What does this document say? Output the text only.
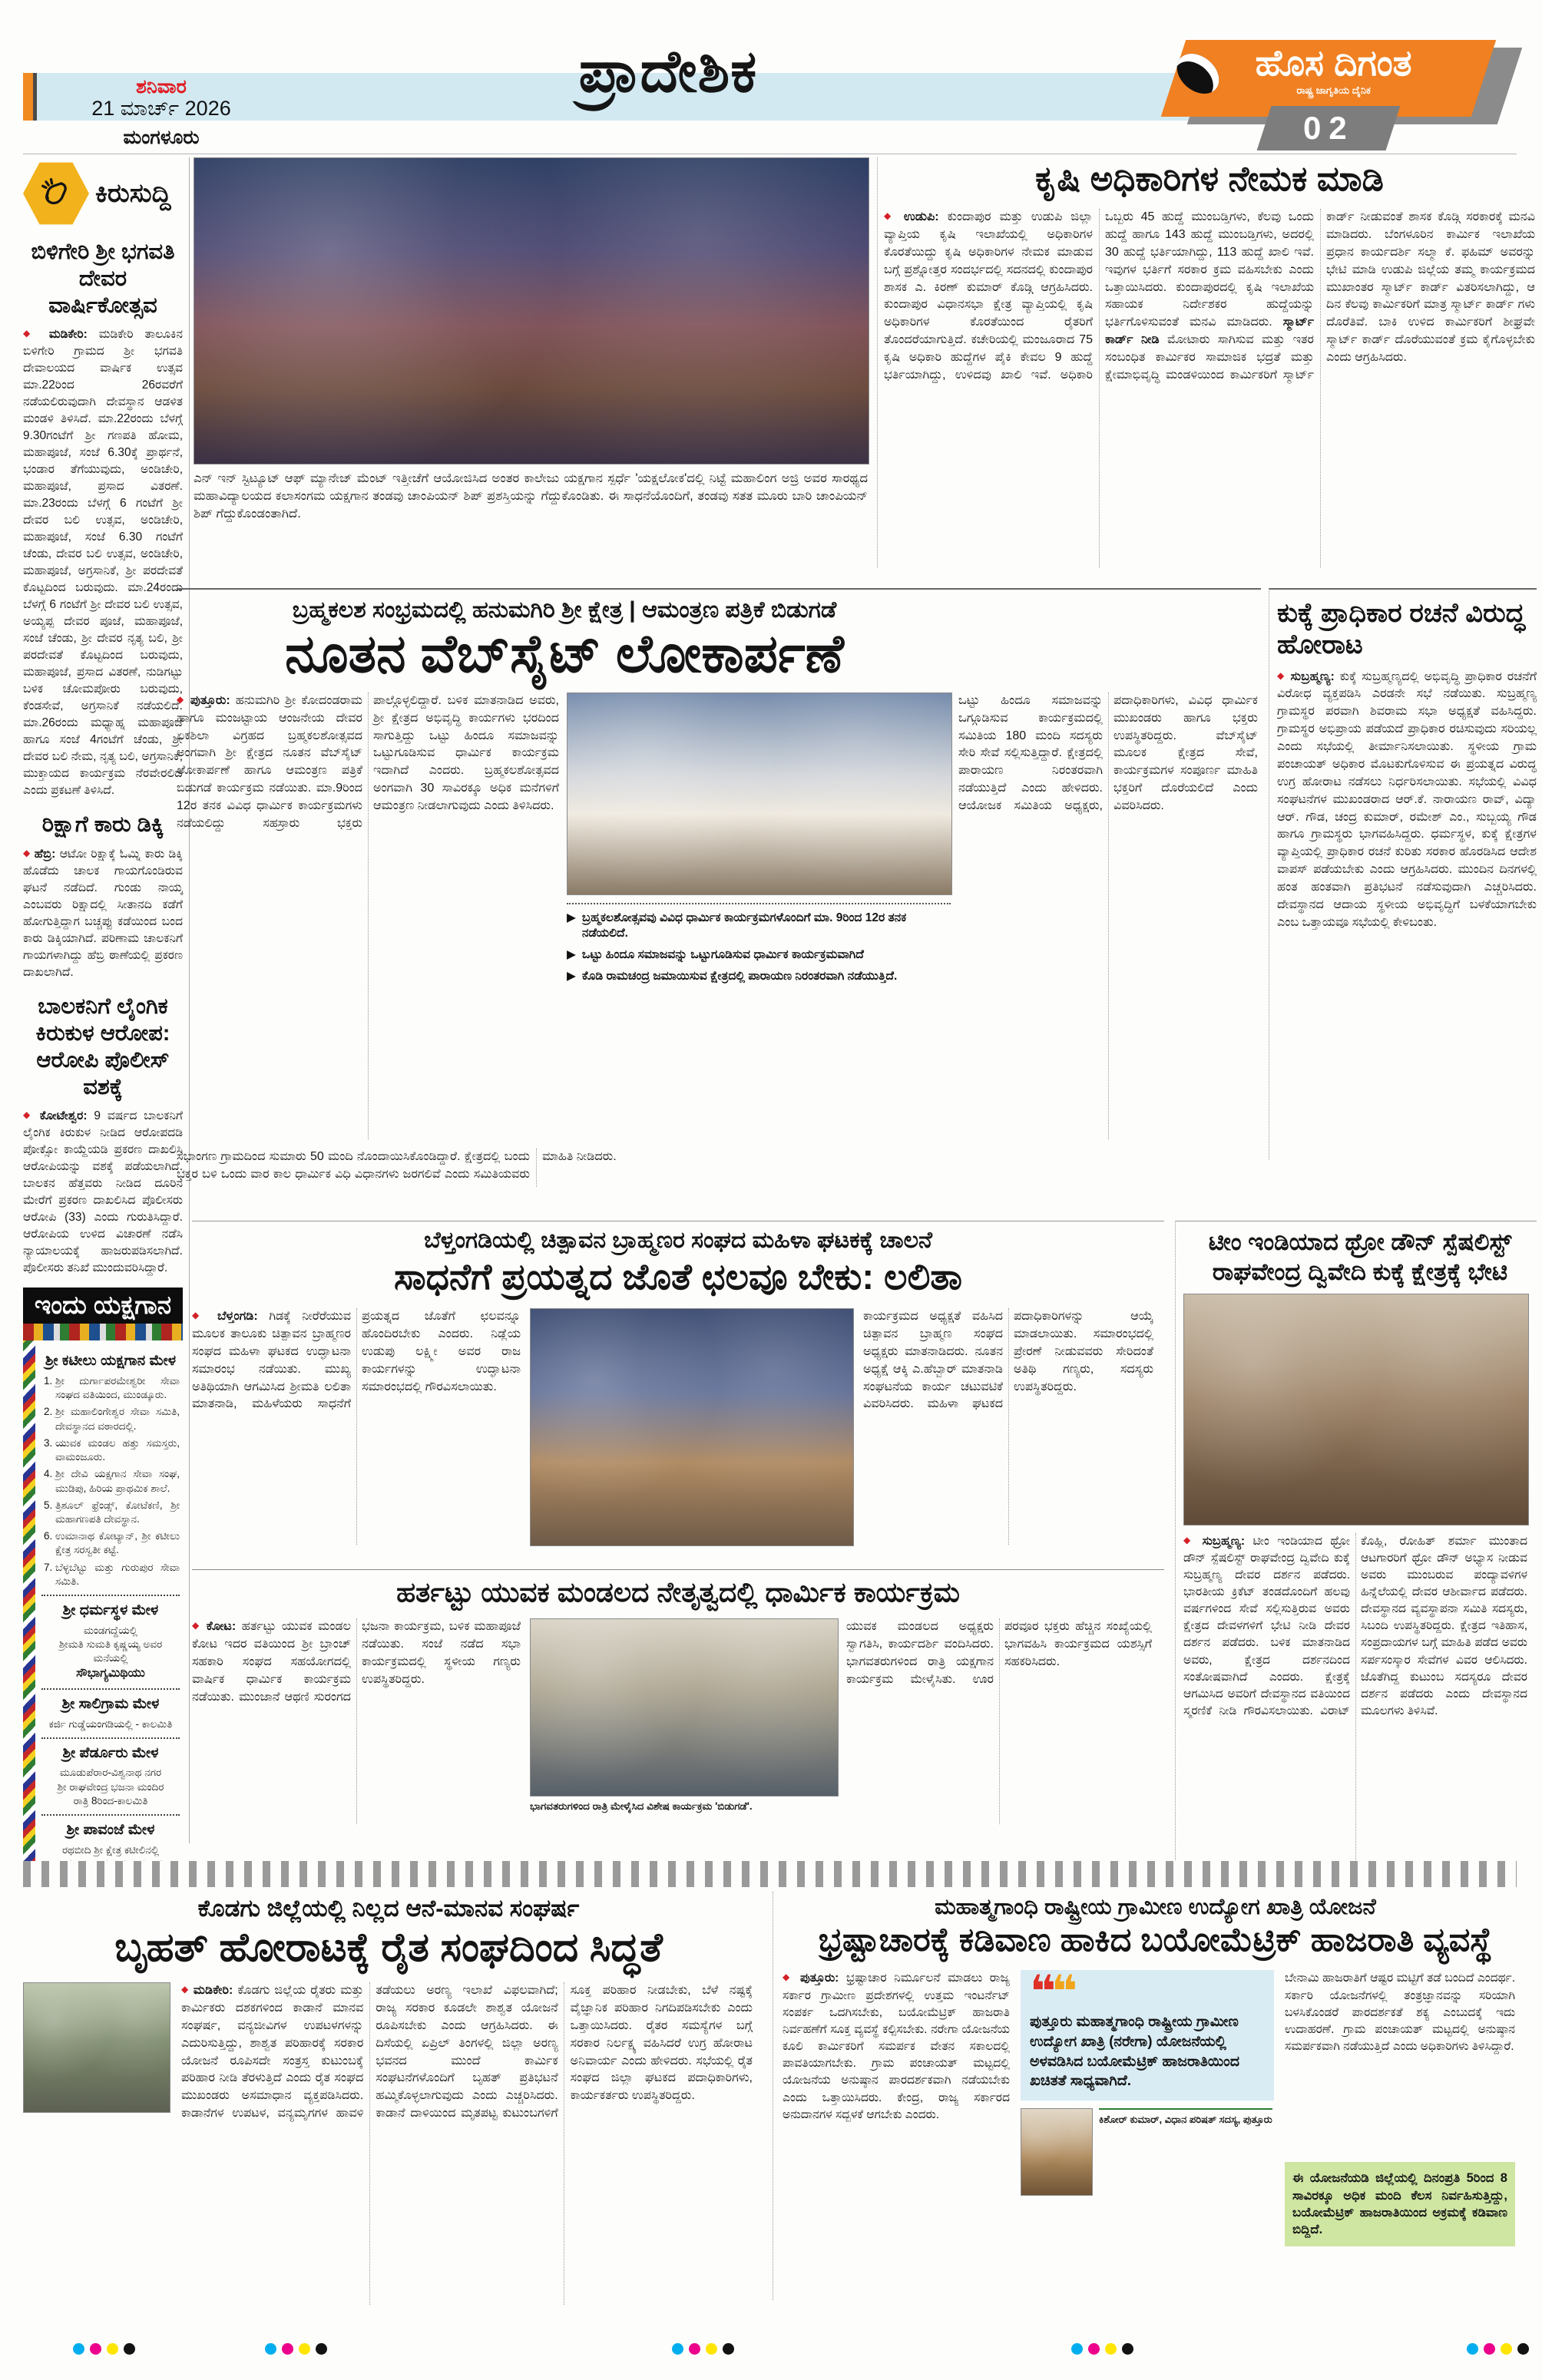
ಶನಿವಾರ
21 ಮಾರ್ಚ್ 2026
ಮಂಗಳೂರು
ಪ್ರಾದೇಶಿಕ	ಹೊಸ ದಿಗಂತ
ರಾಷ್ಟ್ರ ಜಾಗೃತಿಯ ದೈನಿಕ
02
ಕಿರುಸುದ್ದಿ
ಬಿಳಿಗೇರಿ ಶ್ರೀ ಭಗವತಿ ದೇವರ ವಾರ್ಷಿಕೋತ್ಸವ

◆ ಮಡಿಕೇರಿ: ಮಡಿಕೇರಿ ತಾಲೂಕಿನ ಬಿಳಿಗೇರಿ ಗ್ರಾಮದ ಶ್ರೀ ಭಗವತಿ ದೇವಾಲಯದ ವಾರ್ಷಿಕ ಉತ್ಸವ ಮಾ.22ರಿಂದ 26ರವರೆಗೆ ನಡೆಯಲಿರುವುದಾಗಿ ದೇವಸ್ಥಾನ ಆಡಳಿತ ಮಂಡಳಿ ತಿಳಿಸಿದೆ. ಮಾ.22ರಂದು ಬೆಳಗ್ಗೆ 9.30ಗಂಟೆಗೆ ಶ್ರೀ ಗಣಪತಿ ಹೋಮ, ಮಹಾಪೂಜೆ, ಸಂಜೆ 6.30ಕ್ಕೆ ಪ್ರಾರ್ಥನೆ, ಭಂಡಾರ ತೆಗೆಯುವುದು, ಅಂಡಿಚೇರಿ, ಮಹಾಪೂಜೆ, ಪ್ರಸಾದ ವಿತರಣೆ. ಮಾ.23ರಂದು ಬೆಳಗ್ಗೆ 6 ಗಂಟೆಗೆ ಶ್ರೀ ದೇವರ ಬಲಿ ಉತ್ಸವ, ಅಂಡಿಚೇರಿ, ಮಹಾಪೂಜೆ, ಸಂಜೆ 6.30 ಗಂಟೆಗೆ ಚೆಂಡು, ದೇವರ ಬಲಿ ಉತ್ಸವ, ಅಂಡಿಚೇರಿ, ಮಹಾಪೂಜೆ, ಅಗ್ರಸಾನಿಕೆ, ಶ್ರೀ ಪರದೇವತೆ ಕೊಟ್ಟದಿಂದ ಬರುವುದು. ಮಾ.24ರಂದು ಬೆಳಗ್ಗೆ 6 ಗಂಟೆಗೆ ಶ್ರೀ ದೇವರ ಬಲಿ ಉತ್ಸವ, ಅಯ್ಯಪ್ಪ ದೇವರ ಪೂಜೆ, ಮಹಾಪೂಜೆ, ಸಂಜೆ ಚೆಂಡು, ಶ್ರೀ ದೇವರ ನೃತ್ಯ ಬಲಿ, ಶ್ರೀ ಪರದೇವತೆ ಕೊಟ್ಟದಿಂದ ಬರುವುದು, ಮಹಾಪೂಜೆ, ಪ್ರಸಾದ ವಿತರಣೆ, ನುಡಿಗಟ್ಟು ಬಳಿಕ ಚೋಮಪೋರು ಬರುವುದು, ಕೆಂಡಸೇವೆ, ಅಗ್ರಸಾನಿಕೆ ನಡೆಯಲಿದೆ. ಮಾ.26ರಂದು ಮಧ್ಯಾಹ್ನ ಮಹಾಪೂಜೆ ಹಾಗೂ ಸಂಜೆ 4ಗಂಟೆಗೆ ಚೆಂಡು, ಶ್ರೀ ದೇವರ ಬಲಿ ನೇಮ, ನೃತ್ಯ ಬಲಿ, ಅಗ್ರಸಾನಿಕೆ, ಮುಕ್ತಾಯದ ಕಾರ್ಯಕ್ರಮ ನೆರವೇರಲಿದೆ ಎಂದು ಪ್ರಕಟಣೆ ತಿಳಿಸಿದೆ.

ರಿಕ್ಷಾಗೆ ಕಾರು ಡಿಕ್ಕಿ

◆ ಹೆಬ್ರಿ: ಆಟೋ ರಿಕ್ಷಾಕ್ಕೆ ಓಮ್ನಿ ಕಾರು ಡಿಕ್ಕಿ ಹೊಡೆದು ಚಾಲಕ ಗಾಯಗೊಂಡಿರುವ ಘಟನೆ ನಡೆದಿದೆ. ಗುಂಡು ನಾಯ್ಕ ಎಂಬವರು ರಿಕ್ಷಾದಲ್ಲಿ ಸೀತಾನದಿ ಕಡೆಗೆ ಹೋಗುತ್ತಿದ್ದಾಗ ಬಚ್ಚಪ್ಪು ಕಡೆಯಿಂದ ಬಂದ ಕಾರು ಡಿಕ್ಕಿಯಾಗಿದೆ. ಪರಿಣಾಮ ಚಾಲಕನಿಗೆ ಗಾಯಗಳಾಗಿದ್ದು ಹೆಬ್ರಿ ಠಾಣೆಯಲ್ಲಿ ಪ್ರಕರಣ ದಾಖಲಾಗಿದೆ.

ಬಾಲಕನಿಗೆ ಲೈಂಗಿಕ ಕಿರುಕುಳ ಆರೋಪ: ಆರೋಪಿ ಪೊಲೀಸ್ ವಶಕ್ಕೆ

◆ ಕೋಟೇಶ್ವರ: 9 ವರ್ಷದ ಬಾಲಕನಿಗೆ ಲೈಂಗಿಕ ಕಿರುಕುಳ ನೀಡಿದ ಆರೋಪದಡಿ ಪೋಕ್ಸೋ ಕಾಯ್ದೆಯಡಿ ಪ್ರಕರಣ ದಾಖಲಿಸಿ ಆರೋಪಿಯನ್ನು ವಶಕ್ಕೆ ಪಡೆಯಲಾಗಿದೆ. ಬಾಲಕನ ಹೆತ್ತವರು ನೀಡಿದ ದೂರಿನ ಮೇರೆಗೆ ಪ್ರಕರಣ ದಾಖಲಿಸಿದ ಪೊಲೀಸರು ಆರೋಪಿ (33) ಎಂದು ಗುರುತಿಸಿದ್ದಾರೆ. ಆರೋಪಿಯ ಉಳಿದ ವಿಚಾರಣೆ ನಡೆಸಿ ನ್ಯಾಯಾಲಯಕ್ಕೆ ಹಾಜರುಪಡಿಸಲಾಗಿದೆ. ಪೊಲೀಸರು ತನಿಖೆ ಮುಂದುವರಿಸಿದ್ದಾರೆ.

ಇಂದು ಯಕ್ಷಗಾನ
ಶ್ರೀ ಕಟೀಲು ಯಕ್ಷಗಾನ ಮೇಳ
1. ಶ್ರೀ ದುರ್ಗಾಪರಮೇಶ್ವರೀ ಸೇವಾ ಸಂಘದ ವತಿಯಿಂದ, ಮುಂಡ್ಕೂರು.
2. ಶ್ರೀ ಮಹಾಲಿಂಗೇಶ್ವರ ಸೇವಾ ಸಮಿತಿ, ದೇವಸ್ಥಾನದ ವಠಾರದಲ್ಲಿ.
3. ಯುವಕ ಮಂಡಲ ಹತ್ತು ಸಮಸ್ತರು, ವಾಮಂಜೂರು.
4. ಶ್ರೀ ದೇವಿ ಯಕ್ಷಗಾನ ಸೇವಾ ಸಂಘ, ಮುಡಿಪು, ಹಿರಿಯ ಪ್ರಾಥಮಿಕ ಶಾಲೆ.
5. ತ್ರಿಶೂಲ್ ಫ್ರೆಂಡ್ಸ್, ಕೋಟೆಕಣಿ, ಶ್ರೀ ಮಹಾಗಣಪತಿ ದೇವಸ್ಥಾನ.
6. ಉಮಾನಾಥ ಕೋಟ್ಯಾನ್, ಶ್ರೀ ಕಟೀಲು ಕ್ಷೇತ್ರ ಸರಸ್ವತೀ ಕಟ್ಟೆ.
7. ಬೆಳ್ಳಬೆಟ್ಟು ಮತ್ತು ಗುರುಪುರ ಸೇವಾ ಸಮಿತಿ.
ಶ್ರೀ ಧರ್ಮಸ್ಥಳ ಮೇಳ
ಮಂಡಗದ್ದೆಯಲ್ಲಿ
ಶ್ರೀಮತಿ ಸುಮತಿ ಕೃಷ್ಣಯ್ಯ ಅವರ ಮನೆಯಲ್ಲಿ
ಸೌಭಾಗ್ಯಮಿಥಿಯು
ಶ್ರೀ ಸಾಲಿಗ್ರಾಮ ಮೇಳ
ಕರ್ಜಿ ಗುಡ್ಡೆಯಂಗಡಿಯಲ್ಲಿ - ಕಾಲಮಿತಿ
ಶ್ರೀ ಪೆರ್ಡೂರು ಮೇಳ
ಮೂಡುಪೆರಾರ-ವಿಶ್ವನಾಥ ನಗರ
ಶ್ರೀ ರಾಘವೇಂದ್ರ ಭಜನಾ ಮಂದಿರ
ರಾತ್ರಿ 8ರಿಂದ-ಕಾಲಮಿತಿ
ಶ್ರೀ ಪಾವಂಜೆ ಮೇಳ
ರಥಬೀದಿ ಶ್ರೀ ಕ್ಷೇತ್ರ ಕಟೀಲಿನಲ್ಲಿ
ಎನ್ ಇನ್ ಸ್ಟಿಟ್ಯೂಟ್ ಆಫ್ ಮ್ಯಾನೇಜ್ ಮೆಂಟ್ ಇತ್ತೀಚೆಗೆ ಆಯೋಜಿಸಿದ ಅಂತರ ಕಾಲೇಜು ಯಕ್ಷಗಾನ ಸ್ಪರ್ಧೆ 'ಯಕ್ಷಲೋಕ'ದಲ್ಲಿ ನಿಟ್ಟೆ ಮಹಾಲಿಂಗ ಅಜ್ರಿ ಅವರ ಸಾರಥ್ಯದ ಮಹಾವಿದ್ಯಾಲಯದ ಕಲಾಸಂಗಮ ಯಕ್ಷಗಾನ ತಂಡವು ಚಾಂಪಿಯನ್ ಶಿಪ್ ಪ್ರಶಸ್ತಿಯನ್ನು ಗೆದ್ದುಕೊಂಡಿತು. ಈ ಸಾಧನೆಯೊಂದಿಗೆ, ತಂಡವು ಸತತ ಮೂರು ಬಾರಿ ಚಾಂಪಿಯನ್ ಶಿಪ್ ಗೆದ್ದುಕೊಂಡಂತಾಗಿದೆ.
ಕೃಷಿ ಅಧಿಕಾರಿಗಳ ನೇಮಕ ಮಾಡಿ
◆ ಉಡುಪಿ: ಕುಂದಾಪುರ ಮತ್ತು ಉಡುಪಿ ಜಿಲ್ಲಾ ವ್ಯಾಪ್ತಿಯ ಕೃಷಿ ಇಲಾಖೆಯಲ್ಲಿ ಅಧಿಕಾರಿಗಳ ಕೊರತೆಯಿದ್ದು ಕೃಷಿ ಅಧಿಕಾರಿಗಳ ನೇಮಕ ಮಾಡುವ ಬಗ್ಗೆ ಪ್ರಶ್ನೋತ್ತರ ಸಂದರ್ಭದಲ್ಲಿ ಸದನದಲ್ಲಿ ಕುಂದಾಪುರ ಶಾಸಕ ಎ. ಕಿರಣ್ ಕುಮಾರ್ ಕೊಡ್ಗಿ ಆಗ್ರಹಿಸಿದರು. ಕುಂದಾಪುರ ವಿಧಾನಸಭಾ ಕ್ಷೇತ್ರ ವ್ಯಾಪ್ತಿಯಲ್ಲಿ ಕೃಷಿ ಅಧಿಕಾರಿಗಳ ಕೊರತೆಯಿಂದ ರೈತರಿಗೆ ತೊಂದರೆಯಾಗುತ್ತಿದೆ. ಕಚೇರಿಯಲ್ಲಿ ಮಂಜೂರಾದ 75 ಕೃಷಿ ಅಧಿಕಾರಿ ಹುದ್ದೆಗಳ ಪೈಕಿ ಕೇವಲ 9 ಹುದ್ದೆ ಭರ್ತಿಯಾಗಿದ್ದು, ಉಳಿದವು ಖಾಲಿ ಇವೆ. ಅಧಿಕಾರಿ ಒಬ್ಬರು 45 ಹುದ್ದೆ ಮುಂಬಡ್ತಿಗಳು, ಕೆಲವು ಒಂದು ಹುದ್ದೆ ಹಾಗೂ 143 ಹುದ್ದೆ ಮುಂಬಡ್ತಿಗಳು, ಅದರಲ್ಲಿ 30 ಹುದ್ದೆ ಭರ್ತಿಯಾಗಿದ್ದು, 113 ಹುದ್ದೆ ಖಾಲಿ ಇವೆ. ಇವುಗಳ ಭರ್ತಿಗೆ ಸರಕಾರ ಕ್ರಮ ವಹಿಸಬೇಕು ಎಂದು ಒತ್ತಾಯಿಸಿದರು. ಕುಂದಾಪುರದಲ್ಲಿ ಕೃಷಿ ಇಲಾಖೆಯ ಸಹಾಯಕ ನಿರ್ದೇಶಕರ ಹುದ್ದೆಯನ್ನು ಭರ್ತಿಗೊಳಿಸುವಂತೆ ಮನವಿ ಮಾಡಿದರು. ಸ್ಮಾರ್ಟ್ ಕಾರ್ಡ್ ನೀಡಿ ಮೋಟಾರು ಸಾಗಿಸುವ ಮತ್ತು ಇತರ ಸಂಬಂಧಿತ ಕಾರ್ಮಿಕರ ಸಾಮಾಜಿಕ ಭದ್ರತೆ ಮತ್ತು ಕ್ಷೇಮಾಭಿವೃದ್ಧಿ ಮಂಡಳಿಯಿಂದ ಕಾರ್ಮಿಕರಿಗೆ ಸ್ಮಾರ್ಟ್ ಕಾರ್ಡ್ ನೀಡುವಂತೆ ಶಾಸಕ ಕೊಡ್ಗಿ ಸರಕಾರಕ್ಕೆ ಮನವಿ ಮಾಡಿದರು. ಬೆಂಗಳೂರಿನ ಕಾರ್ಮಿಕ ಇಲಾಖೆಯ ಪ್ರಧಾನ ಕಾರ್ಯದರ್ಶಿ ಸಲ್ಮಾ ಕೆ. ಫಹಿಮ್ ಅವರನ್ನು ಭೇಟಿ ಮಾಡಿ ಉಡುಪಿ ಜಿಲ್ಲೆಯ ತಮ್ಮ ಕಾರ್ಯಕ್ರಮದ ಮುಖಾಂತರ ಸ್ಮಾರ್ಟ್ ಕಾರ್ಡ್ ವಿತರಿಸಲಾಗಿದ್ದು, ಆ ದಿನ ಕೆಲವು ಕಾರ್ಮಿಕರಿಗೆ ಮಾತ್ರ ಸ್ಮಾರ್ಟ್ ಕಾರ್ಡ್ ಗಳು ದೊರೆತಿವೆ. ಬಾಕಿ ಉಳಿದ ಕಾರ್ಮಿಕರಿಗೆ ಶೀಘ್ರವೇ ಸ್ಮಾರ್ಟ್ ಕಾರ್ಡ್ ದೊರೆಯುವಂತೆ ಕ್ರಮ ಕೈಗೊಳ್ಳಬೇಕು ಎಂದು ಆಗ್ರಹಿಸಿದರು.
ಬ್ರಹ್ಮಕಲಶ ಸಂಭ್ರಮದಲ್ಲಿ ಹನುಮಗಿರಿ ಶ್ರೀ ಕ್ಷೇತ್ರ | ಆಮಂತ್ರಣ ಪತ್ರಿಕೆ ಬಿಡುಗಡೆ
ನೂತನ ವೆಬ್‌ಸೈಟ್ ಲೋಕಾರ್ಪಣೆ
◆ ಪುತ್ತೂರು: ಹನುಮಗಿರಿ ಶ್ರೀ ಕೋದಂಡರಾಮ ಹಾಗೂ ಮಂಜಟ್ಟಾಯ ಆಂಜನೇಯ ದೇವರ ಏಕಶಿಲಾ ವಿಗ್ರಹದ ಬ್ರಹ್ಮಕಲಶೋತ್ಸವದ ಅಂಗವಾಗಿ ಶ್ರೀ ಕ್ಷೇತ್ರದ ನೂತನ ವೆಬ್‌ಸೈಟ್ ಲೋಕಾರ್ಪಣೆ ಹಾಗೂ ಆಮಂತ್ರಣ ಪತ್ರಿಕೆ ಬಿಡುಗಡೆ ಕಾರ್ಯಕ್ರಮ ನಡೆಯಿತು. ಮಾ.9ರಿಂದ 12ರ ತನಕ ವಿವಿಧ ಧಾರ್ಮಿಕ ಕಾರ್ಯಕ್ರಮಗಳು ನಡೆಯಲಿದ್ದು ಸಹಸ್ರಾರು ಭಕ್ತರು ಪಾಲ್ಗೊಳ್ಳಲಿದ್ದಾರೆ. ಬಳಿಕ ಮಾತನಾಡಿದ ಅವರು, ಶ್ರೀ ಕ್ಷೇತ್ರದ ಅಭಿವೃದ್ಧಿ ಕಾರ್ಯಗಳು ಭರದಿಂದ ಸಾಗುತ್ತಿದ್ದು ಒಟ್ಟು ಹಿಂದೂ ಸಮಾಜವನ್ನು ಒಟ್ಟುಗೂಡಿಸುವ ಧಾರ್ಮಿಕ ಕಾರ್ಯಕ್ರಮ ಇದಾಗಿದೆ ಎಂದರು. ಬ್ರಹ್ಮಕಲಶೋತ್ಸವದ ಅಂಗವಾಗಿ 30 ಸಾವಿರಕ್ಕೂ ಅಧಿಕ ಮನೆಗಳಿಗೆ ಆಮಂತ್ರಣ ನೀಡಲಾಗುವುದು ಎಂದು ತಿಳಿಸಿದರು.
▶ ಬ್ರಹ್ಮಕಲಶೋತ್ಸವವು ವಿವಿಧ ಧಾರ್ಮಿಕ ಕಾರ್ಯಕ್ರಮಗಳೊಂದಿಗೆ ಮಾ. 9ರಿಂದ 12ರ ತನಕ ನಡೆಯಲಿದೆ.
▶ ಒಟ್ಟು ಹಿಂದೂ ಸಮಾಜವನ್ನು ಒಟ್ಟುಗೂಡಿಸುವ ಧಾರ್ಮಿಕ ಕಾರ್ಯಕ್ರಮವಾಗಿದೆ
▶ ಕೊಡಿ ರಾಮಚಂದ್ರ ಜಮಾಯಿಸುವ ಕ್ಷೇತ್ರದಲ್ಲಿ ಪಾರಾಯಣ ನಿರಂತರವಾಗಿ ನಡೆಯುತ್ತಿದೆ.
ಒಟ್ಟು ಹಿಂದೂ ಸಮಾಜವನ್ನು ಒಗ್ಗೂಡಿಸುವ ಕಾರ್ಯಕ್ರಮದಲ್ಲಿ ಸಮಿತಿಯ 180 ಮಂದಿ ಸದಸ್ಯರು ಸೇರಿ ಸೇವೆ ಸಲ್ಲಿಸುತ್ತಿದ್ದಾರೆ. ಕ್ಷೇತ್ರದಲ್ಲಿ ಪಾರಾಯಣ ನಿರಂತರವಾಗಿ ನಡೆಯುತ್ತಿದೆ ಎಂದು ಹೇಳಿದರು. ಆಯೋಜಕ ಸಮಿತಿಯ ಅಧ್ಯಕ್ಷರು, ಪದಾಧಿಕಾರಿಗಳು, ವಿವಿಧ ಧಾರ್ಮಿಕ ಮುಖಂಡರು ಹಾಗೂ ಭಕ್ತರು ಉಪಸ್ಥಿತರಿದ್ದರು. ವೆಬ್‌ಸೈಟ್ ಮೂಲಕ ಕ್ಷೇತ್ರದ ಸೇವೆ, ಕಾರ್ಯಕ್ರಮಗಳ ಸಂಪೂರ್ಣ ಮಾಹಿತಿ ಭಕ್ತರಿಗೆ ದೊರೆಯಲಿದೆ ಎಂದು ವಿವರಿಸಿದರು.
ಸಭಾಂಗಣ ಗ್ರಾಮದಿಂದ ಸುಮಾರು 50 ಮಂದಿ ನೊಂದಾಯಿಸಿಕೊಂಡಿದ್ದಾರೆ. ಕ್ಷೇತ್ರದಲ್ಲಿ ಬಂದು ಭಕ್ತರ ಬಳಿ ಒಂದು ವಾರ ಕಾಲ ಧಾರ್ಮಿಕ ವಿಧಿ ವಿಧಾನಗಳು ಜರಗಲಿವೆ ಎಂದು ಸಮಿತಿಯವರು ಮಾಹಿತಿ ನೀಡಿದರು.
ಕುಕ್ಕೆ ಪ್ರಾಧಿಕಾರ ರಚನೆ ವಿರುದ್ಧ ಹೋರಾಟ
◆ ಸುಬ್ರಹ್ಮಣ್ಯ: ಕುಕ್ಕೆ ಸುಬ್ರಹ್ಮಣ್ಯದಲ್ಲಿ ಅಭಿವೃದ್ಧಿ ಪ್ರಾಧಿಕಾರ ರಚನೆಗೆ ವಿರೋಧ ವ್ಯಕ್ತಪಡಿಸಿ ಎರಡನೇ ಸಭೆ ನಡೆಯಿತು. ಸುಬ್ರಹ್ಮಣ್ಯ ಗ್ರಾಮಸ್ಥರ ಪರವಾಗಿ ಶಿವರಾಮ ಸಭಾ ಅಧ್ಯಕ್ಷತೆ ವಹಿಸಿದ್ದರು. ಗ್ರಾಮಸ್ಥರ ಅಭಿಪ್ರಾಯ ಪಡೆಯದೆ ಪ್ರಾಧಿಕಾರ ರಚಿಸುವುದು ಸರಿಯಲ್ಲ ಎಂದು ಸಭೆಯಲ್ಲಿ ತೀರ್ಮಾನಿಸಲಾಯಿತು. ಸ್ಥಳೀಯ ಗ್ರಾಮ ಪಂಚಾಯತ್ ಅಧಿಕಾರ ಮೊಟಕುಗೊಳಿಸುವ ಈ ಪ್ರಯತ್ನದ ವಿರುದ್ಧ ಉಗ್ರ ಹೋರಾಟ ನಡೆಸಲು ನಿರ್ಧರಿಸಲಾಯಿತು. ಸಭೆಯಲ್ಲಿ ವಿವಿಧ ಸಂಘಟನೆಗಳ ಮುಖಂಡರಾದ ಆರ್.ಕೆ. ನಾರಾಯಣ ರಾವ್, ವಿದ್ಯಾ ಆರ್. ಗೌಡ, ಚಂದ್ರ ಕುಮಾರ್, ರಮೇಶ್ ಎಂ., ಸುಬ್ಬಯ್ಯ ಗೌಡ ಹಾಗೂ ಗ್ರಾಮಸ್ಥರು ಭಾಗವಹಿಸಿದ್ದರು. ಧರ್ಮಸ್ಥಳ, ಕುಕ್ಕೆ ಕ್ಷೇತ್ರಗಳ ವ್ಯಾಪ್ತಿಯಲ್ಲಿ ಪ್ರಾಧಿಕಾರ ರಚನೆ ಕುರಿತು ಸರಕಾರ ಹೊರಡಿಸಿದ ಆದೇಶ ವಾಪಸ್ ಪಡೆಯಬೇಕು ಎಂದು ಆಗ್ರಹಿಸಿದರು. ಮುಂದಿನ ದಿನಗಳಲ್ಲಿ ಹಂತ ಹಂತವಾಗಿ ಪ್ರತಿಭಟನೆ ನಡೆಸುವುದಾಗಿ ಎಚ್ಚರಿಸಿದರು. ದೇವಸ್ಥಾನದ ಆದಾಯ ಸ್ಥಳೀಯ ಅಭಿವೃದ್ಧಿಗೆ ಬಳಕೆಯಾಗಬೇಕು ಎಂಬ ಒತ್ತಾಯವೂ ಸಭೆಯಲ್ಲಿ ಕೇಳಿಬಂತು.
ಬೆಳ್ತಂಗಡಿಯಲ್ಲಿ ಚಿತ್ಪಾವನ ಬ್ರಾಹ್ಮಣರ ಸಂಘದ ಮಹಿಳಾ ಘಟಕಕ್ಕೆ ಚಾಲನೆ
ಸಾಧನೆಗೆ ಪ್ರಯತ್ನದ ಜೊತೆ ಛಲವೂ ಬೇಕು: ಲಲಿತಾ
◆ ಬೆಳ್ತಂಗಡಿ: ಗಿಡಕ್ಕೆ ನೀರೆರೆಯುವ ಮೂಲಕ ತಾಲೂಕು ಚಿತ್ಪಾವನ ಬ್ರಾಹ್ಮಣರ ಸಂಘದ ಮಹಿಳಾ ಘಟಕದ ಉದ್ಘಾಟನಾ ಸಮಾರಂಭ ನಡೆಯಿತು. ಮುಖ್ಯ ಅತಿಥಿಯಾಗಿ ಆಗಮಿಸಿದ ಶ್ರೀಮತಿ ಲಲಿತಾ ಮಾತನಾಡಿ, ಮಹಿಳೆಯರು ಸಾಧನೆಗೆ ಪ್ರಯತ್ನದ ಜೊತೆಗೆ ಛಲವನ್ನೂ ಹೊಂದಿರಬೇಕು ಎಂದರು. ನಿಡ್ಲೆಯ ಉಡುಪು ಲಕ್ಷ್ಮೀ ಅವರ ರಾಜ ಕಾರ್ಯಗಳನ್ನು ಉದ್ಘಾಟನಾ ಸಮಾರಂಭದಲ್ಲಿ ಗೌರವಿಸಲಾಯಿತು.
ಕಾರ್ಯಕ್ರಮದ ಅಧ್ಯಕ್ಷತೆ ವಹಿಸಿದ ಚಿತ್ಪಾವನ ಬ್ರಾಹ್ಮಣ ಸಂಘದ ಅಧ್ಯಕ್ಷರು ಮಾತನಾಡಿದರು. ನೂತನ ಅಧ್ಯಕ್ಷೆ ಆಕ್ಕಿ ಎ.ಹೆಬ್ಬಾರ್ ಮಾತನಾಡಿ ಸಂಘಟನೆಯ ಕಾರ್ಯ ಚಟುವಟಿಕೆ ವಿವರಿಸಿದರು. ಮಹಿಳಾ ಘಟಕದ ಪದಾಧಿಕಾರಿಗಳನ್ನು ಆಯ್ಕೆ ಮಾಡಲಾಯಿತು. ಸಮಾರಂಭದಲ್ಲಿ ಪ್ರೇರಣೆ ನೀಡುವವರು ಸೇರಿದಂತೆ ಅತಿಥಿ ಗಣ್ಯರು, ಸದಸ್ಯರು ಉಪಸ್ಥಿತರಿದ್ದರು.
ಟೀಂ ಇಂಡಿಯಾದ ಥ್ರೋ ಡೌನ್ ಸ್ಪೆಷಲಿಸ್ಟ್ ರಾಘವೇಂದ್ರ ದ್ವಿವೇದಿ ಕುಕ್ಕೆ ಕ್ಷೇತ್ರಕ್ಕೆ ಭೇಟಿ
◆ ಸುಬ್ರಹ್ಮಣ್ಯ: ಟೀಂ ಇಂಡಿಯಾದ ಥ್ರೋ ಡೌನ್ ಸ್ಪೆಷಲಿಸ್ಟ್ ರಾಘವೇಂದ್ರ ದ್ವಿವೇದಿ ಕುಕ್ಕೆ ಸುಬ್ರಹ್ಮಣ್ಯ ದೇವರ ದರ್ಶನ ಪಡೆದರು. ಭಾರತೀಯ ಕ್ರಿಕೆಟ್ ತಂಡದೊಂದಿಗೆ ಹಲವು ವರ್ಷಗಳಿಂದ ಸೇವೆ ಸಲ್ಲಿಸುತ್ತಿರುವ ಅವರು ಕ್ಷೇತ್ರದ ದೇವಳಗಳಿಗೆ ಭೇಟಿ ನೀಡಿ ದೇವರ ದರ್ಶನ ಪಡೆದರು. ಬಳಿಕ ಮಾತನಾಡಿದ ಅವರು, ಕ್ಷೇತ್ರದ ದರ್ಶನದಿಂದ ಸಂತೋಷವಾಗಿದೆ ಎಂದರು. ಕ್ಷೇತ್ರಕ್ಕೆ ಆಗಮಿಸಿದ ಅವರಿಗೆ ದೇವಸ್ಥಾನದ ವತಿಯಿಂದ ಸ್ಮರಣಿಕೆ ನೀಡಿ ಗೌರವಿಸಲಾಯಿತು. ವಿರಾಟ್ ಕೊಹ್ಲಿ, ರೋಹಿತ್ ಶರ್ಮಾ ಮುಂತಾದ ಆಟಗಾರರಿಗೆ ಥ್ರೋ ಡೌನ್ ಅಭ್ಯಾಸ ನೀಡುವ ಅವರು ಮುಂಬರುವ ಪಂದ್ಯಾವಳಿಗಳ ಹಿನ್ನೆಲೆಯಲ್ಲಿ ದೇವರ ಆಶೀರ್ವಾದ ಪಡೆದರು. ದೇವಸ್ಥಾನದ ವ್ಯವಸ್ಥಾಪನಾ ಸಮಿತಿ ಸದಸ್ಯರು, ಸಿಬಂದಿ ಉಪಸ್ಥಿತರಿದ್ದರು. ಕ್ಷೇತ್ರದ ಇತಿಹಾಸ, ಸಂಪ್ರದಾಯಗಳ ಬಗ್ಗೆ ಮಾಹಿತಿ ಪಡೆದ ಅವರು ಸರ್ಪಸಂಸ್ಕಾರ ಸೇವೆಗಳ ವಿವರ ಆಲಿಸಿದರು. ಜೊತೆಗಿದ್ದ ಕುಟುಂಬ ಸದಸ್ಯರೂ ದೇವರ ದರ್ಶನ ಪಡೆದರು ಎಂದು ದೇವಸ್ಥಾನದ ಮೂಲಗಳು ತಿಳಿಸಿವೆ.
ಹರ್ತಟ್ಟು ಯುವಕ ಮಂಡಲದ ನೇತೃತ್ವದಲ್ಲಿ ಧಾರ್ಮಿಕ ಕಾರ್ಯಕ್ರಮ
◆ ಕೋಟ: ಹರ್ತಟ್ಟು ಯುವಕ ಮಂಡಲ ಕೋಟ ಇದರ ವತಿಯಿಂದ ಶ್ರೀ ಬ್ರಾಂಚ್ ಸಹಕಾರಿ ಸಂಘದ ಸಹಯೋಗದಲ್ಲಿ ವಾರ್ಷಿಕ ಧಾರ್ಮಿಕ ಕಾರ್ಯಕ್ರಮ ನಡೆಯಿತು. ಮುಂಜಾನೆ ಆಥಣಿ ಸುರಂಗದ ಭಜನಾ ಕಾರ್ಯಕ್ರಮ, ಬಳಿಕ ಮಹಾಪೂಜೆ ನಡೆಯಿತು. ಸಂಜೆ ನಡೆದ ಸಭಾ ಕಾರ್ಯಕ್ರಮದಲ್ಲಿ ಸ್ಥಳೀಯ ಗಣ್ಯರು ಉಪಸ್ಥಿತರಿದ್ದರು.
ಭಾಗವತರುಗಳಿಂದ ರಾತ್ರಿ ಮೇಳೈಸಿದ ವಿಶೇಷ ಕಾರ್ಯಕ್ರಮ 'ಬಿಡುಗಡೆ'.
ಯುವಕ ಮಂಡಲದ ಅಧ್ಯಕ್ಷರು ಸ್ವಾಗತಿಸಿ, ಕಾರ್ಯದರ್ಶಿ ವಂದಿಸಿದರು. ಭಾಗವತರುಗಳಿಂದ ರಾತ್ರಿ ಯಕ್ಷಗಾನ ಕಾರ್ಯಕ್ರಮ ಮೇಳೈಸಿತು. ಊರ ಪರವೂರ ಭಕ್ತರು ಹೆಚ್ಚಿನ ಸಂಖ್ಯೆಯಲ್ಲಿ ಭಾಗವಹಿಸಿ ಕಾರ್ಯಕ್ರಮದ ಯಶಸ್ಸಿಗೆ ಸಹಕರಿಸಿದರು.
ಕೊಡಗು ಜಿಲ್ಲೆಯಲ್ಲಿ ನಿಲ್ಲದ ಆನೆ-ಮಾನವ ಸಂಘರ್ಷ
ಬೃಹತ್ ಹೋರಾಟಕ್ಕೆ ರೈತ ಸಂಘದಿಂದ ಸಿದ್ಧತೆ
◆ ಮಡಿಕೇರಿ: ಕೊಡಗು ಜಿಲ್ಲೆಯ ರೈತರು ಮತ್ತು ಕಾರ್ಮಿಕರು ದಶಕಗಳಿಂದ ಕಾಡಾನೆ ಮ‍ಾನವ ಸಂಘರ್ಷ, ವನ್ಯಜೀವಿಗಳ ಉಪಟಳಗಳನ್ನು ಎದುರಿಸುತ್ತಿದ್ದು, ಶಾಶ್ವತ ಪರಿಹಾರಕ್ಕೆ ಸರಕಾರ ಯೋಜನೆ ರೂಪಿಸದೇ ಸಂತ್ರಸ್ತ ಕುಟುಂಬಕ್ಕೆ ಪರಿಹಾರ ನೀಡಿ ತೆರಳುತ್ತಿದೆ ಎಂದು ರೈತ ಸಂಘದ ಮುಖಂಡರು ಅಸಮಾಧಾನ ವ್ಯಕ್ತಪಡಿಸಿದರು. ಕಾಡಾನೆಗಳ ಉಪಟಳ, ವನ್ಯಮೃಗಗಳ ಹಾವಳಿ ತಡೆಯಲು ಅರಣ್ಯ ಇಲಾಖೆ ವಿಫಲವಾಗಿದೆ; ರಾಜ್ಯ ಸರಕಾರ ಕೂಡಲೇ ಶಾಶ್ವತ ಯೋಜನೆ ರೂಪಿಸಬೇಕು ಎಂದು ಆಗ್ರಹಿಸಿದರು. ಈ ದಿಸೆಯಲ್ಲಿ ಏಪ್ರಿಲ್ ತಿಂಗಳಲ್ಲಿ ಜಿಲ್ಲಾ ಅರಣ್ಯ ಭವನದ ಮುಂದೆ ಕಾರ್ಮಿಕ ಸಂಘಟನೆಗಳೊಂದಿಗೆ ಬೃಹತ್ ಪ್ರತಿಭಟನೆ ಹಮ್ಮಿಕೊಳ್ಳಲಾಗುವುದು ಎಂದು ಎಚ್ಚರಿಸಿದರು. ಕಾಡಾನೆ ದಾಳಿಯಿಂದ ಮೃತಪಟ್ಟ ಕುಟುಂಬಗಳಿಗೆ ಸೂಕ್ತ ಪರಿಹಾರ ನೀಡಬೇಕು, ಬೆಳೆ ನಷ್ಟಕ್ಕೆ ವೈಜ್ಞಾನಿಕ ಪರಿಹಾರ ನಿಗದಿಪಡಿಸಬೇಕು ಎಂದು ಒತ್ತಾಯಿಸಿದರು. ರೈತರ ಸಮಸ್ಯೆಗಳ ಬಗ್ಗೆ ಸರಕಾರ ನಿರ್ಲಕ್ಷ್ಯ ವಹಿಸಿದರೆ ಉಗ್ರ ಹೋರಾಟ ಅನಿವಾರ್ಯ ಎಂದು ಹೇಳಿದರು. ಸಭೆಯಲ್ಲಿ ರೈತ ಸಂಘದ ಜಿಲ್ಲಾ ಘಟಕದ ಪದಾಧಿಕಾರಿಗಳು, ಕಾರ್ಯಕರ್ತರು ಉಪಸ್ಥಿತರಿದ್ದರು.
ಮಹಾತ್ಮಗಾಂಧಿ ರಾಷ್ಟ್ರೀಯ ಗ್ರಾಮೀಣ ಉದ್ಯೋಗ ಖಾತ್ರಿ ಯೋಜನೆ
ಭ್ರಷ್ಟಾಚಾರಕ್ಕೆ ಕಡಿವಾಣ ಹಾಕಿದ ಬಯೋಮೆಟ್ರಿಕ್ ಹಾಜರಾತಿ ವ್ಯವಸ್ಥೆ
◆ ಪುತ್ತೂರು: ಭ್ರಷ್ಟಾಚಾರ ನಿರ್ಮೂಲನೆ ಮಾಡಲು ರಾಜ್ಯ ಸರ್ಕಾರ ಗ್ರಾಮೀಣ ಪ್ರದೇಶಗಳಲ್ಲಿ ಉತ್ತಮ ಇಂಟರ್ನೆಟ್ ಸಂಪರ್ಕ ಒದಗಿಸಬೇಕು, ಬಯೋಮೆಟ್ರಿಕ್ ಹಾಜರಾತಿ ನಿರ್ವಹಣೆಗೆ ಸೂಕ್ತ ವ್ಯವಸ್ಥೆ ಕಲ್ಪಿಸಬೇಕು. ನರೇಗಾ ಯೋಜನೆಯ ಕೂಲಿ ಕಾರ್ಮಿಕರಿಗೆ ಸಮರ್ಪಕ ವೇತನ ಸಕಾಲದಲ್ಲಿ ಪಾವತಿಯಾಗಬೇಕು. ಗ್ರಾಮ ಪಂಚಾಯತ್ ಮಟ್ಟದಲ್ಲಿ ಯೋಜನೆಯ ಅನುಷ್ಠಾನ ಪಾರದರ್ಶಕವಾಗಿ ನಡೆಯಬೇಕು ಎಂದು ಒತ್ತಾಯಿಸಿದರು. ಕೇಂದ್ರ, ರಾಜ್ಯ ಸರ್ಕಾರದ ಅನುದಾನಗಳ ಸದ್ಬಳಕೆ ಆಗಬೇಕು ಎಂದರು.
❝❝
ಪುತ್ತೂರು ಮಹಾತ್ಮಗಾಂಧಿ ರಾಷ್ಟ್ರೀಯ ಗ್ರಾಮೀಣ ಉದ್ಯೋಗ ಖಾತ್ರಿ (ನರೇಗಾ) ಯೋಜನೆಯಲ್ಲಿ ಅಳವಡಿಸಿದ ಬಯೋಮೆಟ್ರಿಕ್ ಹಾಜರಾತಿಯಿಂದ ಖಚಿತತೆ ಸಾಧ್ಯವಾಗಿದೆ.
ಕಿಶೋರ್ ಕುಮಾರ್, ವಿಧಾನ ಪರಿಷತ್ ಸದಸ್ಯ, ಪುತ್ತೂರು
ಬೇನಾಮಿ ಹಾಜರಾತಿಗೆ ಆಷ್ಟರ ಮಟ್ಟಿಗೆ ತಡೆ ಬಂದಿದೆ ಎಂದರ್ಥ. ಸರ್ಕಾರಿ ಯೋಜನೆಗಳಲ್ಲಿ ತಂತ್ರಜ್ಞಾನವನ್ನು ಸರಿಯಾಗಿ ಬಳಸಿಕೊಂಡರೆ ಪಾರದರ್ಶಕತೆ ಶಕ್ಯ ಎಂಬುದಕ್ಕೆ ಇದು ಉದಾಹರಣೆ. ಗ್ರಾಮ ಪಂಚಾಯತ್ ಮಟ್ಟದಲ್ಲಿ ಅನುಷ್ಠಾನ ಸಮರ್ಪಕವಾಗಿ ನಡೆಯುತ್ತಿದೆ ಎಂದು ಅಧಿಕಾರಿಗಳು ತಿಳಿಸಿದ್ದಾರೆ.
ಈ ಯೋಜನೆಯಡಿ ಜಿಲ್ಲೆಯಲ್ಲಿ ದಿನಂಪ್ರತಿ 5ರಿಂದ 8 ಸಾವಿರಕ್ಕೂ ಅಧಿಕ ಮಂದಿ ಕೆಲಸ ನಿರ್ವಹಿಸುತ್ತಿದ್ದು, ಬಯೋಮೆಟ್ರಿಕ್ ಹಾಜರಾತಿಯಿಂದ ಅಕ್ರಮಕ್ಕೆ ಕಡಿವಾಣ ಬಿದ್ದಿದೆ.
